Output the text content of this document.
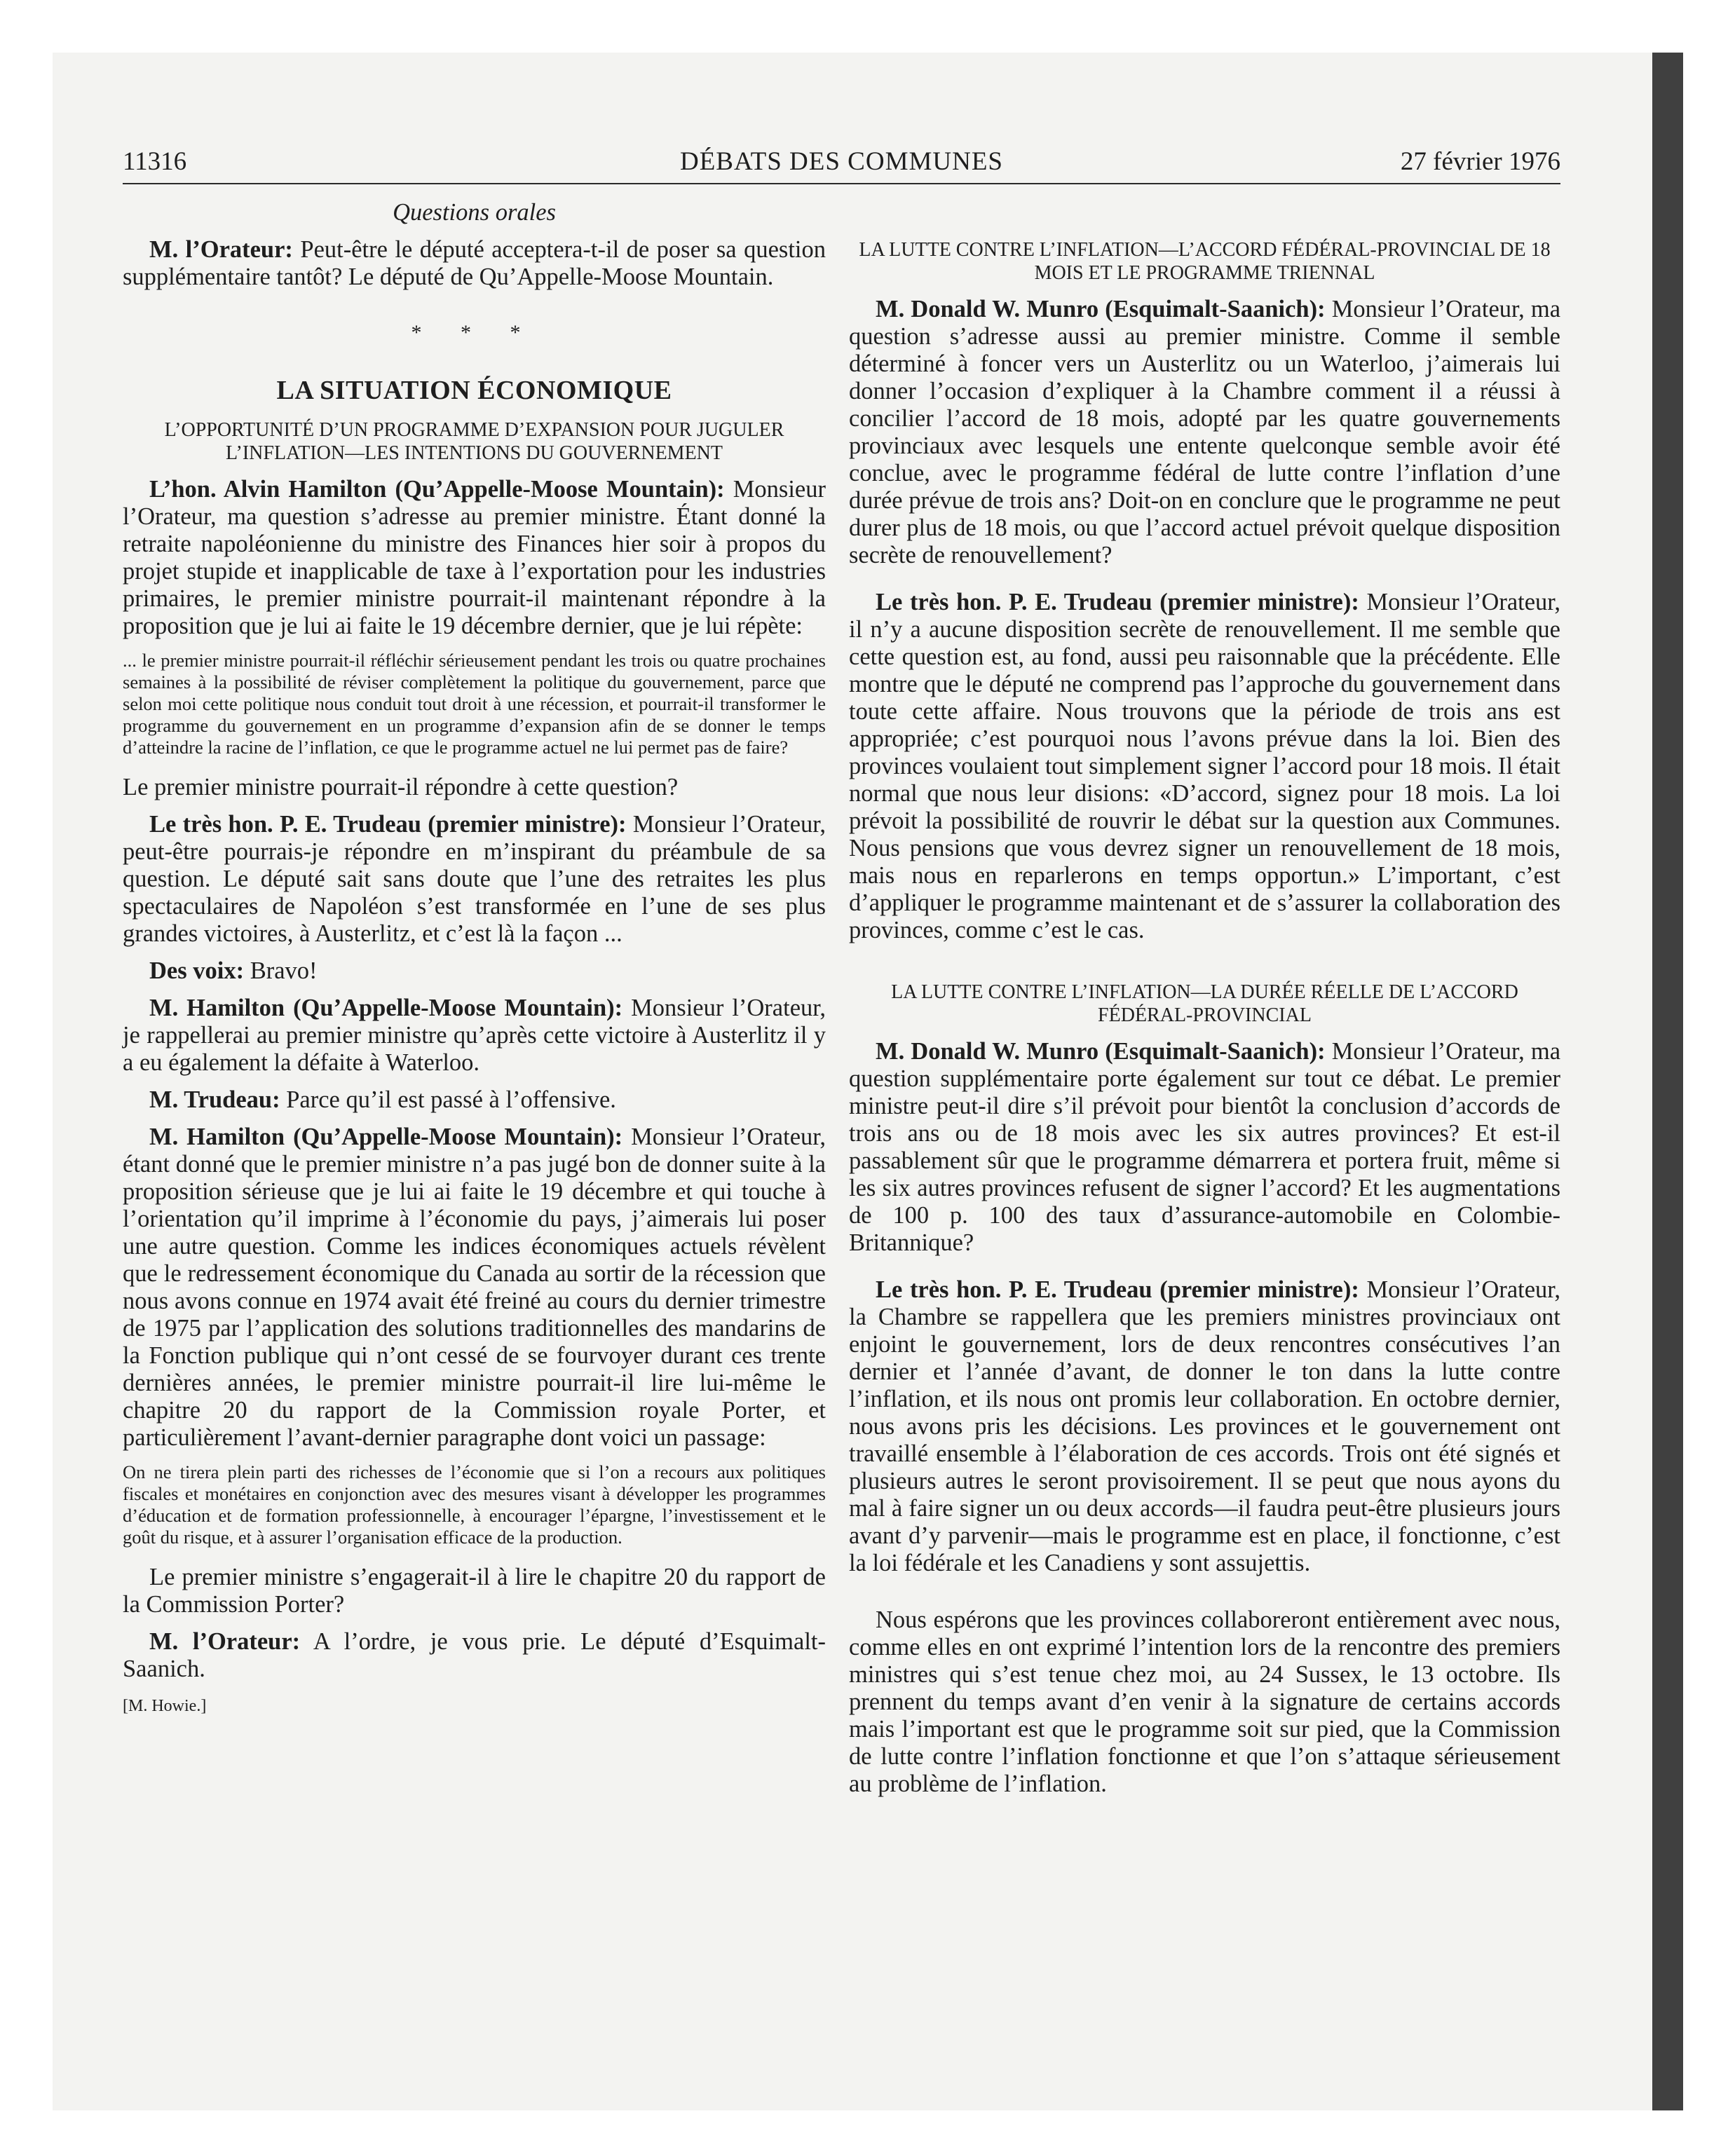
11316	DÉBATS DES COMMUNES	27 février 1976
Questions orales

M. l’Orateur: Peut-être le député acceptera-t-il de poser sa question supplémentaire tantôt? Le député de Qu’Appelle-Moose Mountain.

* * *
LA SITUATION ÉCONOMIQUE
L’OPPORTUNITÉ D’UN PROGRAMME D’EXPANSION POUR JUGULER L’INFLATION—LES INTENTIONS DU GOUVERNEMENT

L’hon. Alvin Hamilton (Qu’Appelle-Moose Mountain): Monsieur l’Orateur, ma question s’adresse au premier ministre. Étant donné la retraite napoléonienne du ministre des Finances hier soir à propos du projet stupide et inapplicable de taxe à l’exportation pour les industries primaires, le premier ministre pourrait-il maintenant répondre à la proposition que je lui ai faite le 19 décembre dernier, que je lui répète:

... le premier ministre pourrait-il réfléchir sérieusement pendant les trois ou quatre prochaines semaines à la possibilité de réviser complètement la politique du gouvernement, parce que selon moi cette politique nous conduit tout droit à une récession, et pourrait-il transformer le programme du gouvernement en un programme d’expansion afin de se donner le temps d’atteindre la racine de l’inflation, ce que le programme actuel ne lui permet pas de faire?

Le premier ministre pourrait-il répondre à cette question?

Le très hon. P. E. Trudeau (premier ministre): Monsieur l’Orateur, peut-être pourrais-je répondre en m’inspirant du préambule de sa question. Le député sait sans doute que l’une des retraites les plus spectaculaires de Napoléon s’est transformée en l’une de ses plus grandes victoires, à Austerlitz, et c’est là la façon ...

Des voix: Bravo!

M. Hamilton (Qu’Appelle-Moose Mountain): Monsieur l’Orateur, je rappellerai au premier ministre qu’après cette victoire à Austerlitz il y a eu également la défaite à Waterloo.

M. Trudeau: Parce qu’il est passé à l’offensive.

M. Hamilton (Qu’Appelle-Moose Mountain): Monsieur l’Orateur, étant donné que le premier ministre n’a pas jugé bon de donner suite à la proposition sérieuse que je lui ai faite le 19 décembre et qui touche à l’orientation qu’il imprime à l’économie du pays, j’aimerais lui poser une autre question. Comme les indices économiques actuels révèlent que le redressement économique du Canada au sortir de la récession que nous avons connue en 1974 avait été freiné au cours du dernier trimestre de 1975 par l’application des solutions traditionnelles des mandarins de la Fonction publique qui n’ont cessé de se fourvoyer durant ces trente dernières années, le premier ministre pourrait-il lire lui-même le chapitre 20 du rapport de la Commission royale Porter, et particulièrement l’avant-dernier paragraphe dont voici un passage:

On ne tirera plein parti des richesses de l’économie que si l’on a recours aux politiques fiscales et monétaires en conjonction avec des mesures visant à développer les programmes d’éducation et de formation professionnelle, à encourager l’épargne, l’investissement et le goût du risque, et à assurer l’organisation efficace de la production.

Le premier ministre s’engagerait-il à lire le chapitre 20 du rapport de la Commission Porter?

M. l’Orateur: A l’ordre, je vous prie. Le député d’Esquimalt-Saanich.

[M. Howie.]
LA LUTTE CONTRE L’INFLATION—L’ACCORD FÉDÉRAL-PROVINCIAL DE 18 MOIS ET LE PROGRAMME TRIENNAL

M. Donald W. Munro (Esquimalt-Saanich): Monsieur l’Orateur, ma question s’adresse aussi au premier ministre. Comme il semble déterminé à foncer vers un Austerlitz ou un Waterloo, j’aimerais lui donner l’occasion d’expliquer à la Chambre comment il a réussi à concilier l’accord de 18 mois, adopté par les quatre gouvernements provinciaux avec lesquels une entente quelconque semble avoir été conclue, avec le programme fédéral de lutte contre l’inflation d’une durée prévue de trois ans? Doit-on en conclure que le programme ne peut durer plus de 18 mois, ou que l’accord actuel prévoit quelque disposition secrète de renouvellement?

Le très hon. P. E. Trudeau (premier ministre): Monsieur l’Orateur, il n’y a aucune disposition secrète de renouvellement. Il me semble que cette question est, au fond, aussi peu raisonnable que la précédente. Elle montre que le député ne comprend pas l’approche du gouvernement dans toute cette affaire. Nous trouvons que la période de trois ans est appropriée; c’est pourquoi nous l’avons prévue dans la loi. Bien des provinces voulaient tout simplement signer l’accord pour 18 mois. Il était normal que nous leur disions: «D’accord, signez pour 18 mois. La loi prévoit la possibilité de rouvrir le débat sur la question aux Communes. Nous pensions que vous devrez signer un renouvellement de 18 mois, mais nous en reparlerons en temps opportun.» L’important, c’est d’appliquer le programme maintenant et de s’assurer la collaboration des provinces, comme c’est le cas.

LA LUTTE CONTRE L’INFLATION—LA DURÉE RÉELLE DE L’ACCORD FÉDÉRAL-PROVINCIAL

M. Donald W. Munro (Esquimalt-Saanich): Monsieur l’Orateur, ma question supplémentaire porte également sur tout ce débat. Le premier ministre peut-il dire s’il prévoit pour bientôt la conclusion d’accords de trois ans ou de 18 mois avec les six autres provinces? Et est-il passablement sûr que le programme démarrera et portera fruit, même si les six autres provinces refusent de signer l’accord? Et les augmentations de 100 p. 100 des taux d’assurance-automobile en Colombie-Britannique?

Le très hon. P. E. Trudeau (premier ministre): Monsieur l’Orateur, la Chambre se rappellera que les premiers ministres provinciaux ont enjoint le gouvernement, lors de deux rencontres consécutives l’an dernier et l’année d’avant, de donner le ton dans la lutte contre l’inflation, et ils nous ont promis leur collaboration. En octobre dernier, nous avons pris les décisions. Les provinces et le gouvernement ont travaillé ensemble à l’élaboration de ces accords. Trois ont été signés et plusieurs autres le seront provisoirement. Il se peut que nous ayons du mal à faire signer un ou deux accords—il faudra peut-être plusieurs jours avant d’y parvenir—mais le programme est en place, il fonctionne, c’est la loi fédérale et les Canadiens y sont assujettis.

Nous espérons que les provinces collaboreront entièrement avec nous, comme elles en ont exprimé l’intention lors de la rencontre des premiers ministres qui s’est tenue chez moi, au 24 Sussex, le 13 octobre. Ils prennent du temps avant d’en venir à la signature de certains accords mais l’important est que le programme soit sur pied, que la Commission de lutte contre l’inflation fonctionne et que l’on s’attaque sérieusement au problème de l’inflation.
